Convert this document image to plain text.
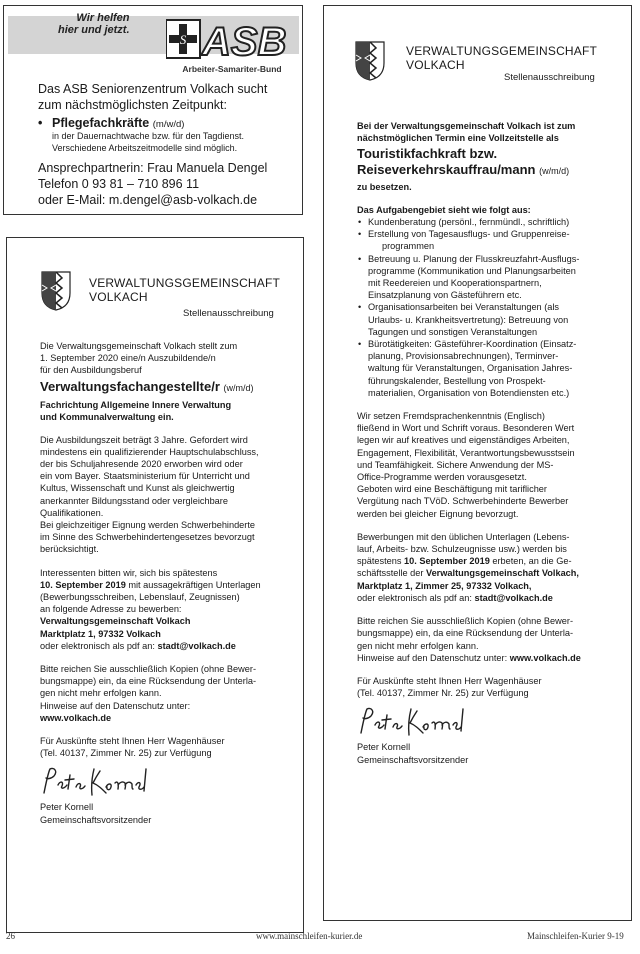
Wir helfen
hier und jetzt.
S ASB
Arbeiter-Samariter-Bund

Das ASB Seniorenzentrum Volkach sucht

zum nächstmöglichsten Zeitpunkt:

• Pflegefachkräfte (m/w/d)

in der Dauernachtwache bzw. für den Tagdienst.

Verschiedene Arbeitszeitmodelle sind möglich.

Ansprechpartnerin: Frau Manuela Dengel

Telefon 0 93 81 – 710 896 11

oder E-Mail: m.dengel@asb-volkach.de

VERWALTUNGSGEMEINSCHAFT
VOLKACH
Stellenausschreibung

Die Verwaltungsgemeinschaft Volkach stellt zum

1. September 2020 eine/n Auszubildende/n

für den Ausbildungsberuf

Verwaltungsfachangestellte/r (w/m/d)

Fachrichtung Allgemeine Innere Verwaltung

und Kommunalverwaltung ein.

Die Ausbildungszeit beträgt 3 Jahre. Gefordert wird

mindestens ein qualifizierender Hauptschulabschluss,

der bis Schuljahresende 2020 erworben wird oder

ein vom Bayer. Staatsministerium für Unterricht und

Kultus, Wissenschaft und Kunst als gleichwertig

anerkannter Bildungsstand oder vergleichbare

Qualifikationen.

Bei gleichzeitiger Eignung werden Schwerbehinderte

im Sinne des Schwerbehindertengesetzes bevorzugt

berücksichtigt.

Interessenten bitten wir, sich bis spätestens

10. September 2019 mit aussagekräftigen Unterlagen

(Bewerbungsschreiben, Lebenslauf, Zeugnissen)

an folgende Adresse zu bewerben:

Verwaltungsgemeinschaft Volkach

Marktplatz 1, 97332 Volkach

oder elektronisch als pdf an: stadt@volkach.de

Bitte reichen Sie ausschließlich Kopien (ohne Bewer-

bungsmappe) ein, da eine Rücksendung der Unterla-

gen nicht mehr erfolgen kann.

Hinweise auf den Datenschutz unter:

www.volkach.de

Für Auskünfte steht Ihnen Herr Wagenhäuser

(Tel. 40137, Zimmer Nr. 25) zur Verfügung

Peter Kornell

Gemeinschaftsvorsitzender

VERWALTUNGSGEMEINSCHAFT
VOLKACH
Stellenausschreibung

Bei der Verwaltungsgemeinschaft Volkach ist zum

nächstmöglichen Termin eine Vollzeitstelle als

Touristikfachkraft bzw.

Reiseverkehrskauffrau/mann (w/m/d)

zu besetzen.

Das Aufgabengebiet sieht wie folgt aus:

• Kundenberatung (persönl., fernmündl., schriftlich)

• Erstellung von Tagesausflugs- und Gruppenreise-

programmen

• Betreuung u. Planung der Flusskreuzfahrt-Ausflugs-

programme (Kommunikation und Planungsarbeiten

mit Reedereien und Kooperationspartnern,

Einsatzplanung von Gästeführern etc.

• Organisationsarbeiten bei Veranstaltungen (als

Urlaubs- u. Krankheitsvertretung): Betreuung von

Tagungen und sonstigen Veranstaltungen

• Bürotätigkeiten: Gästeführer-Koordination (Einsatz-

planung, Provisionsabrechnungen), Terminver-

waltung für Veranstaltungen, Organisation Jahres-

führungskalender, Bestellung von Prospekt-

materialien, Organisation von Botendiensten etc.)

Wir setzen Fremdsprachenkenntnis (Englisch)

fließend in Wort und Schrift voraus. Besonderen Wert

legen wir auf kreatives und eigenständiges Arbeiten,

Engagement, Flexibilität, Verantwortungsbewusstsein

und Teamfähigkeit. Sichere Anwendung der MS-

Office-Programme werden vorausgesetzt.

Geboten wird eine Beschäftigung mit tariflicher

Vergütung nach TVöD. Schwerbehinderte Bewerber

werden bei gleicher Eignung bevorzugt.

Bewerbungen mit den üblichen Unterlagen (Lebens-

lauf, Arbeits- bzw. Schulzeugnisse usw.) werden bis

spätestens 10. September 2019 erbeten, an die Ge-

schäftsstelle der Verwaltungsgemeinschaft Volkach,

Marktplatz 1, Zimmer 25, 97332 Volkach,

oder elektronisch als pdf an: stadt@volkach.de

Bitte reichen Sie ausschließlich Kopien (ohne Bewer-

bungsmappe) ein, da eine Rücksendung der Unterla-

gen nicht mehr erfolgen kann.

Hinweise auf den Datenschutz unter: www.volkach.de

Für Auskünfte steht Ihnen Herr Wagenhäuser

(Tel. 40137, Zimmer Nr. 25) zur Verfügung

Peter Kornell

Gemeinschaftsvorsitzender

26	www.mainschleifen-kurier.de	Mainschleifen-Kurier 9-19
